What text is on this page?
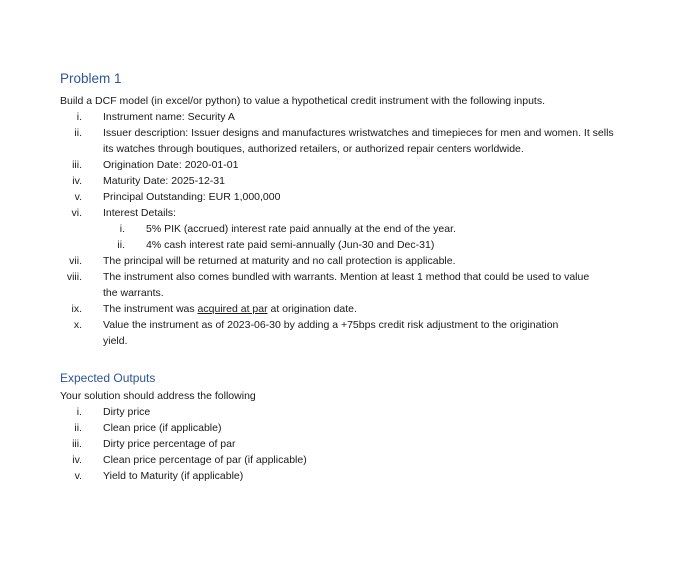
Problem 1

Build a DCF model (in excel/or python) to value a hypothetical credit instrument with the following inputs.

i. Instrument name: Security A
ii. Issuer description: Issuer designs and manufactures wristwatches and timepieces for men and women. It sells its watches through boutiques, authorized retailers, or authorized repair centers worldwide.
iii. Origination Date: 2020-01-01
iv. Maturity Date: 2025-12-31
v. Principal Outstanding: EUR 1,000,000
vi. Interest Details:
i. 5% PIK (accrued) interest rate paid annually at the end of the year.
ii. 4% cash interest rate paid semi-annually (Jun-30 and Dec-31)
vii. The principal will be returned at maturity and no call protection is applicable.
viii. The instrument also comes bundled with warrants. Mention at least 1 method that could be used to value the warrants.
ix. The instrument was acquired at par at origination date.
x. Value the instrument as of 2023-06-30 by adding a +75bps credit risk adjustment to the origination yield.
Expected Outputs

Your solution should address the following

i. Dirty price
ii. Clean price (if applicable)
iii. Dirty price percentage of par
iv. Clean price percentage of par (if applicable)
v. Yield to Maturity (if applicable)
